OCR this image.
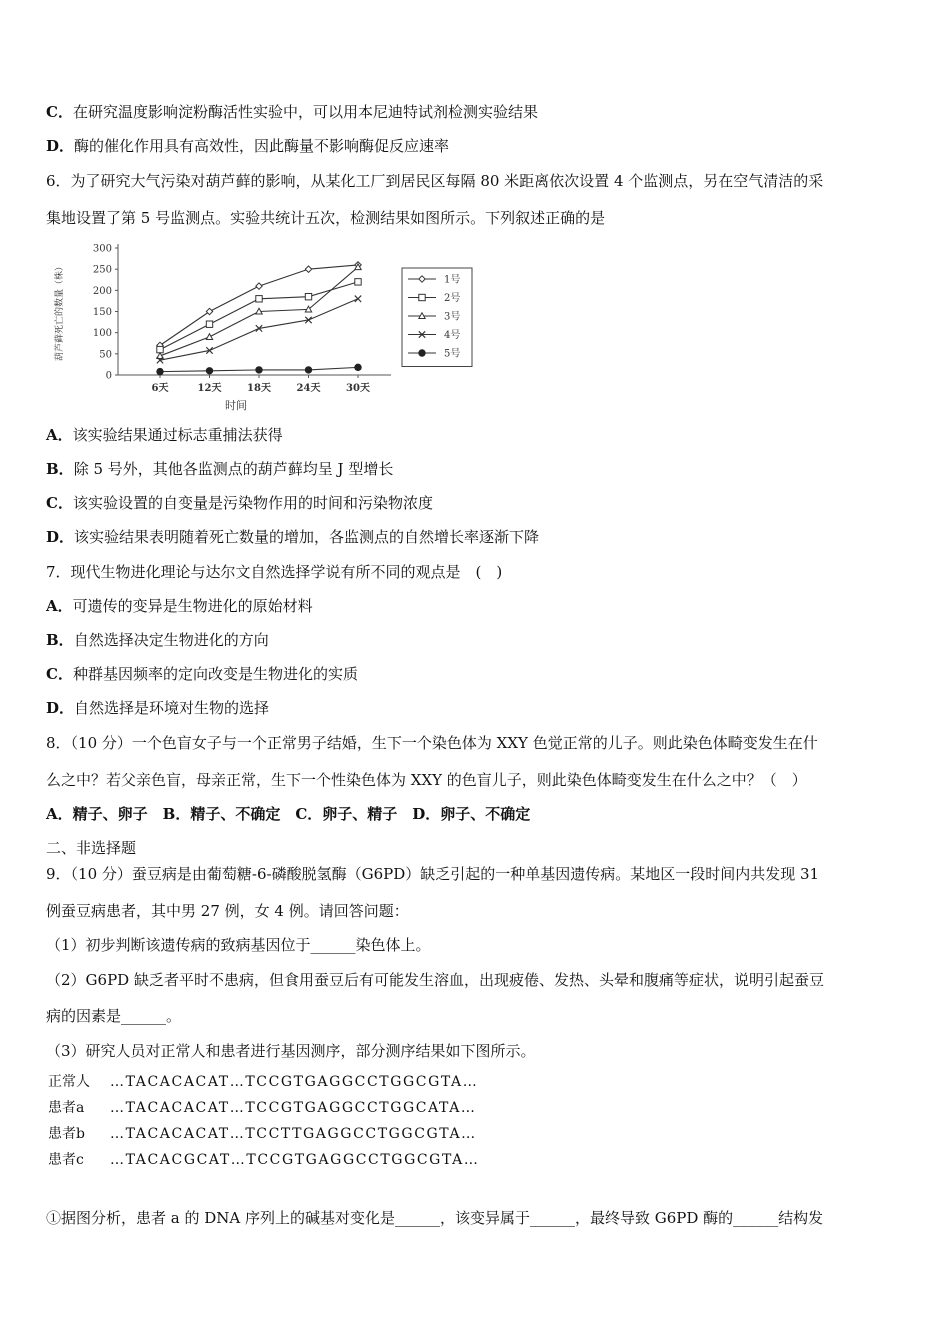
C．在研究温度影响淀粉酶活性实验中，可以用本尼迪特试剂检测实验结果
D．酶的催化作用具有高效性，因此酶量不影响酶促反应速率
6．为了研究大气污染对葫芦藓的影响，从某化工厂到居民区每隔 80 米距离依次设置 4 个监测点，另在空气清洁的采
集地设置了第 5 号监测点。实验共统计五次，检测结果如图所示。下列叙述正确的是
300
250
200
150
100
50
0
6天	12天	18天	24天	30天
时间
葫芦藓死亡的数量（株）	1号
2号
3号
4号
5号
A．该实验结果通过标志重捕法获得
B．除 5 号外，其他各监测点的葫芦藓均呈 J 型增长
C．该实验设置的自变量是污染物作用的时间和污染物浓度
D．该实验结果表明随着死亡数量的增加，各监测点的自然增长率逐渐下降
7．现代生物进化理论与达尔文自然选择学说有所不同的观点是　(　)
A．可遗传的变异是生物进化的原始材料
B．自然选择决定生物进化的方向
C．种群基因频率的定向改变是生物进化的实质
D．自然选择是环境对生物的选择
8．（10 分）一个色盲女子与一个正常男子结婚，生下一个染色体为 XXY 色觉正常的儿子。则此染色体畸变发生在什
么之中？若父亲色盲，母亲正常，生下一个性染色体为 XXY 的色盲儿子，则此染色体畸变发生在什么之中？（　）
A．精子、卵子　B．精子、不确定　C．卵子、精子　D．卵子、不确定
二、非选择题
9．（10 分）蚕豆病是由葡萄糖-6-磷酸脱氢酶（G6PD）缺乏引起的一种单基因遗传病。某地区一段时间内共发现 31
例蚕豆病患者，其中男 27 例，女 4 例。请回答问题：
（1）初步判断该遗传病的致病基因位于______染色体上。
（2）G6PD 缺乏者平时不患病，但食用蚕豆后有可能发生溶血，出现疲倦、发热、头晕和腹痛等症状，说明引起蚕豆
病的因素是______。
（3）研究人员对正常人和患者进行基因测序，部分测序结果如下图所示。
正常人 …TACACACAT…TCCGTGAGGCCTGGCGTA…
患者a …TACACACAT…TCCGTGAGGCCTGGCATA…
患者b …TACACACAT…TCCTTGAGGCCTGGCGTA…
患者c …TACACGCAT…TCCGTGAGGCCTGGCGTA…
①据图分析，患者 a 的 DNA 序列上的碱基对变化是______，该变异属于______，最终导致 G6PD 酶的______结构发
